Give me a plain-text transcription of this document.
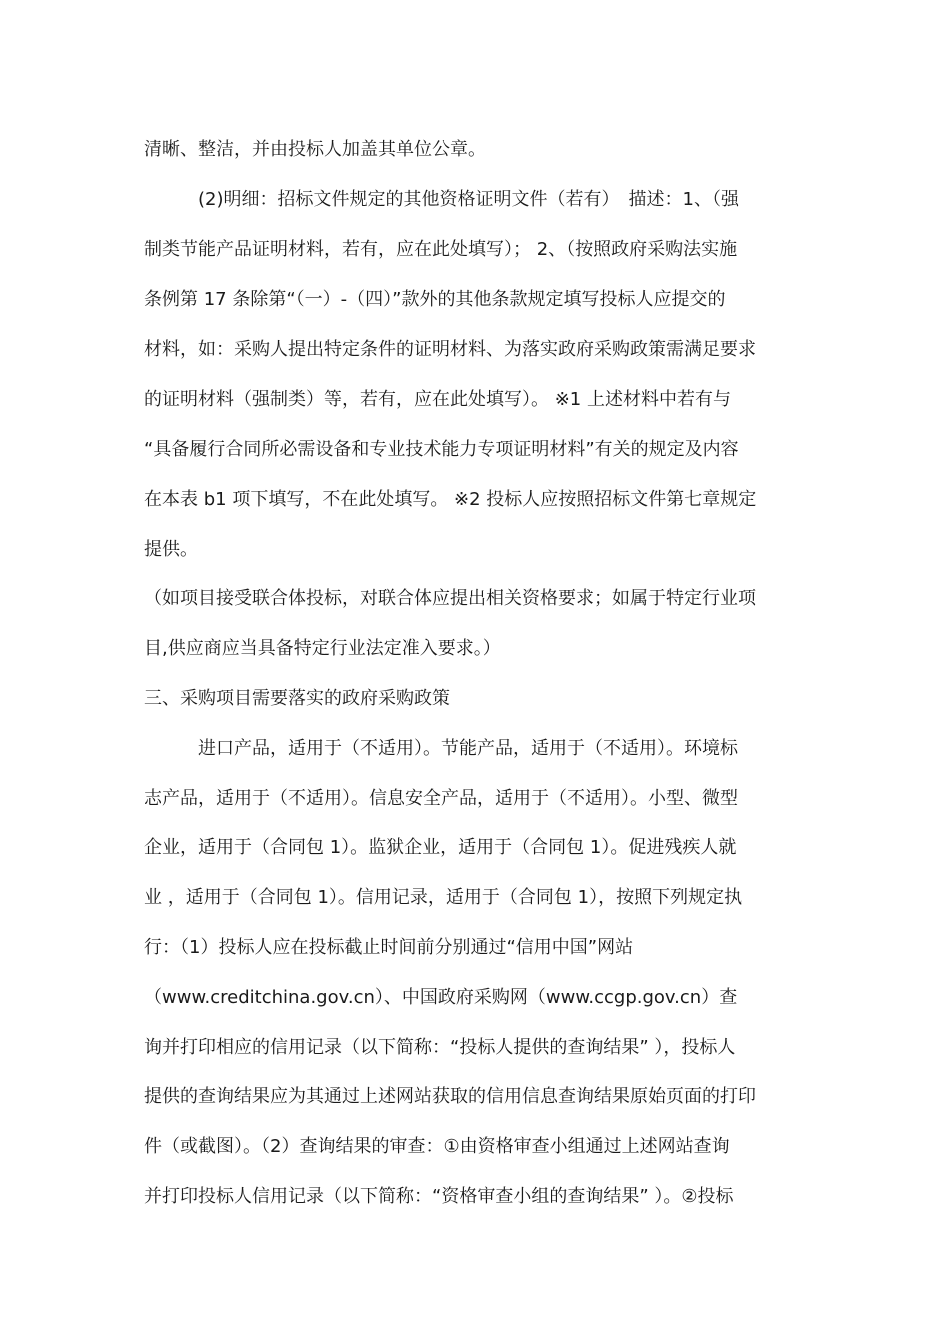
清晰、整洁，并由投标人加盖其单位公章。
(2)明细：招标文件规定的其他资格证明文件（若有）　描述：1、（强
制类节能产品证明材料，若有，应在此处填写）； 2、（按照政府采购法实施
条例第 17 条除第“（一）-（四）”款外的其他条款规定填写投标人应提交的
材料，如：采购人提出特定条件的证明材料、为落实政府采购政策需满足要求
的证明材料（强制类）等，若有，应在此处填写）。 ※1 上述材料中若有与
“具备履行合同所必需设备和专业技术能力专项证明材料”有关的规定及内容
在本表 b1 项下填写，不在此处填写。 ※2 投标人应按照招标文件第七章规定
提供。
（如项目接受联合体投标，对联合体应提出相关资格要求；如属于特定行业项
目,供应商应当具备特定行业法定准入要求。）
三、采购项目需要落实的政府采购政策
进口产品，适用于（不适用）。节能产品，适用于（不适用）。环境标
志产品，适用于（不适用）。信息安全产品，适用于（不适用）。小型、微型
企业，适用于（合同包 1）。监狱企业，适用于（合同包 1）。促进残疾人就
业 ，适用于（合同包 1）。信用记录，适用于（合同包 1），按照下列规定执
行：（1）投标人应在投标截止时间前分别通过“信用中国”网站
（www.creditchina.gov.cn）、中国政府采购网（www.ccgp.gov.cn）查
询并打印相应的信用记录（以下简称：“投标人提供的查询结果” ），投标人
提供的查询结果应为其通过上述网站获取的信用信息查询结果原始页面的打印
件（或截图）。（2）查询结果的审查：①由资格审查小组通过上述网站查询
并打印投标人信用记录（以下简称：“资格审查小组的查询结果” ）。②投标
